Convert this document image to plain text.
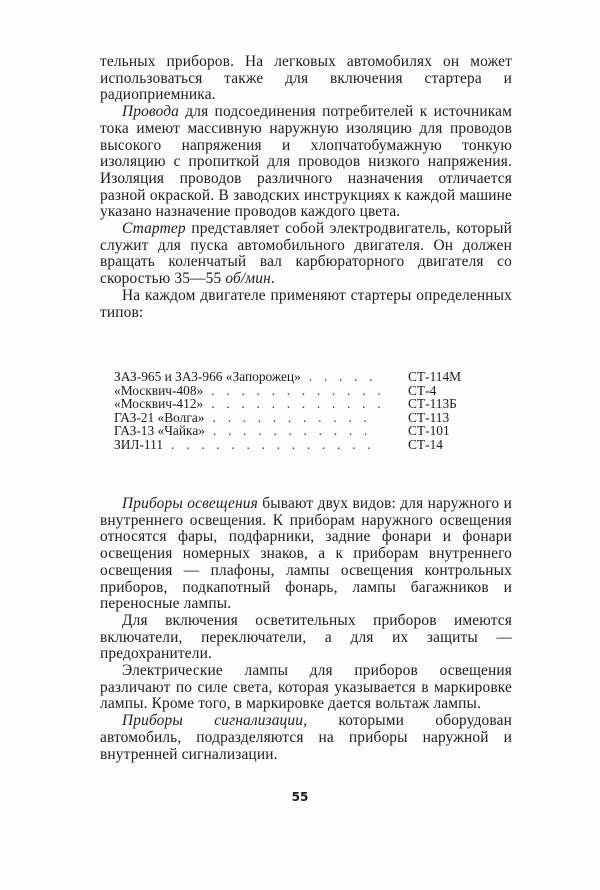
тельных приборов. На легковых автомобилях он может использоваться также для включения стартера и радиоприемника.

Провода для подсоединения потребителей к источникам тока имеют массивную наружную изоляцию для проводов высокого напряжения и хлопчатобумажную тонкую изоляцию с пропиткой для проводов низкого напряжения. Изоляция проводов различного назначения отличается разной окраской. В заводских инструкциях к каждой машине указано назначение проводов каждого цвета.

Стартер представляет собой электродвигатель, который служит для пуска автомобильного двигателя. Он должен вращать коленчатый вал карбюраторного двигателя со скоростью 35—55 об/мин.

На каждом двигателе применяют стартеры определенных типов:

ЗАЗ-965 и ЗАЗ-966 «Запорожец» . . . . .	СТ-114М
«Москвич-408» . . . . . . . . . . . .	СТ-4
«Москвич-412» . . . . . . . . . . . .	СТ-113Б
ГАЗ-21 «Волга» . . . . . . . . . . .	СТ-113
ГАЗ-13 «Чайка» . . . . . . . . . . .	СТ-101
ЗИЛ-111 . . . . . . . . . . . . . .	СТ-14

Приборы освещения бывают двух видов: для наружного и внутреннего освещения. К приборам наружного освещения относятся фары, подфарники, задние фонари и фонари освещения номерных знаков, а к приборам внутреннего освещения — плафоны, лампы освещения контрольных приборов, подкапотный фонарь, лампы багажников и переносные лампы.

Для включения осветительных приборов имеются включатели, переключатели, а для их защиты — предохранители.

Электрические лампы для приборов освещения различают по силе света, которая указывается в маркировке лампы. Кроме того, в маркировке дается вольтаж лампы.

Приборы сигнализации, которыми оборудован автомобиль, подразделяются на приборы наружной и внутренней сигнализации.

55
